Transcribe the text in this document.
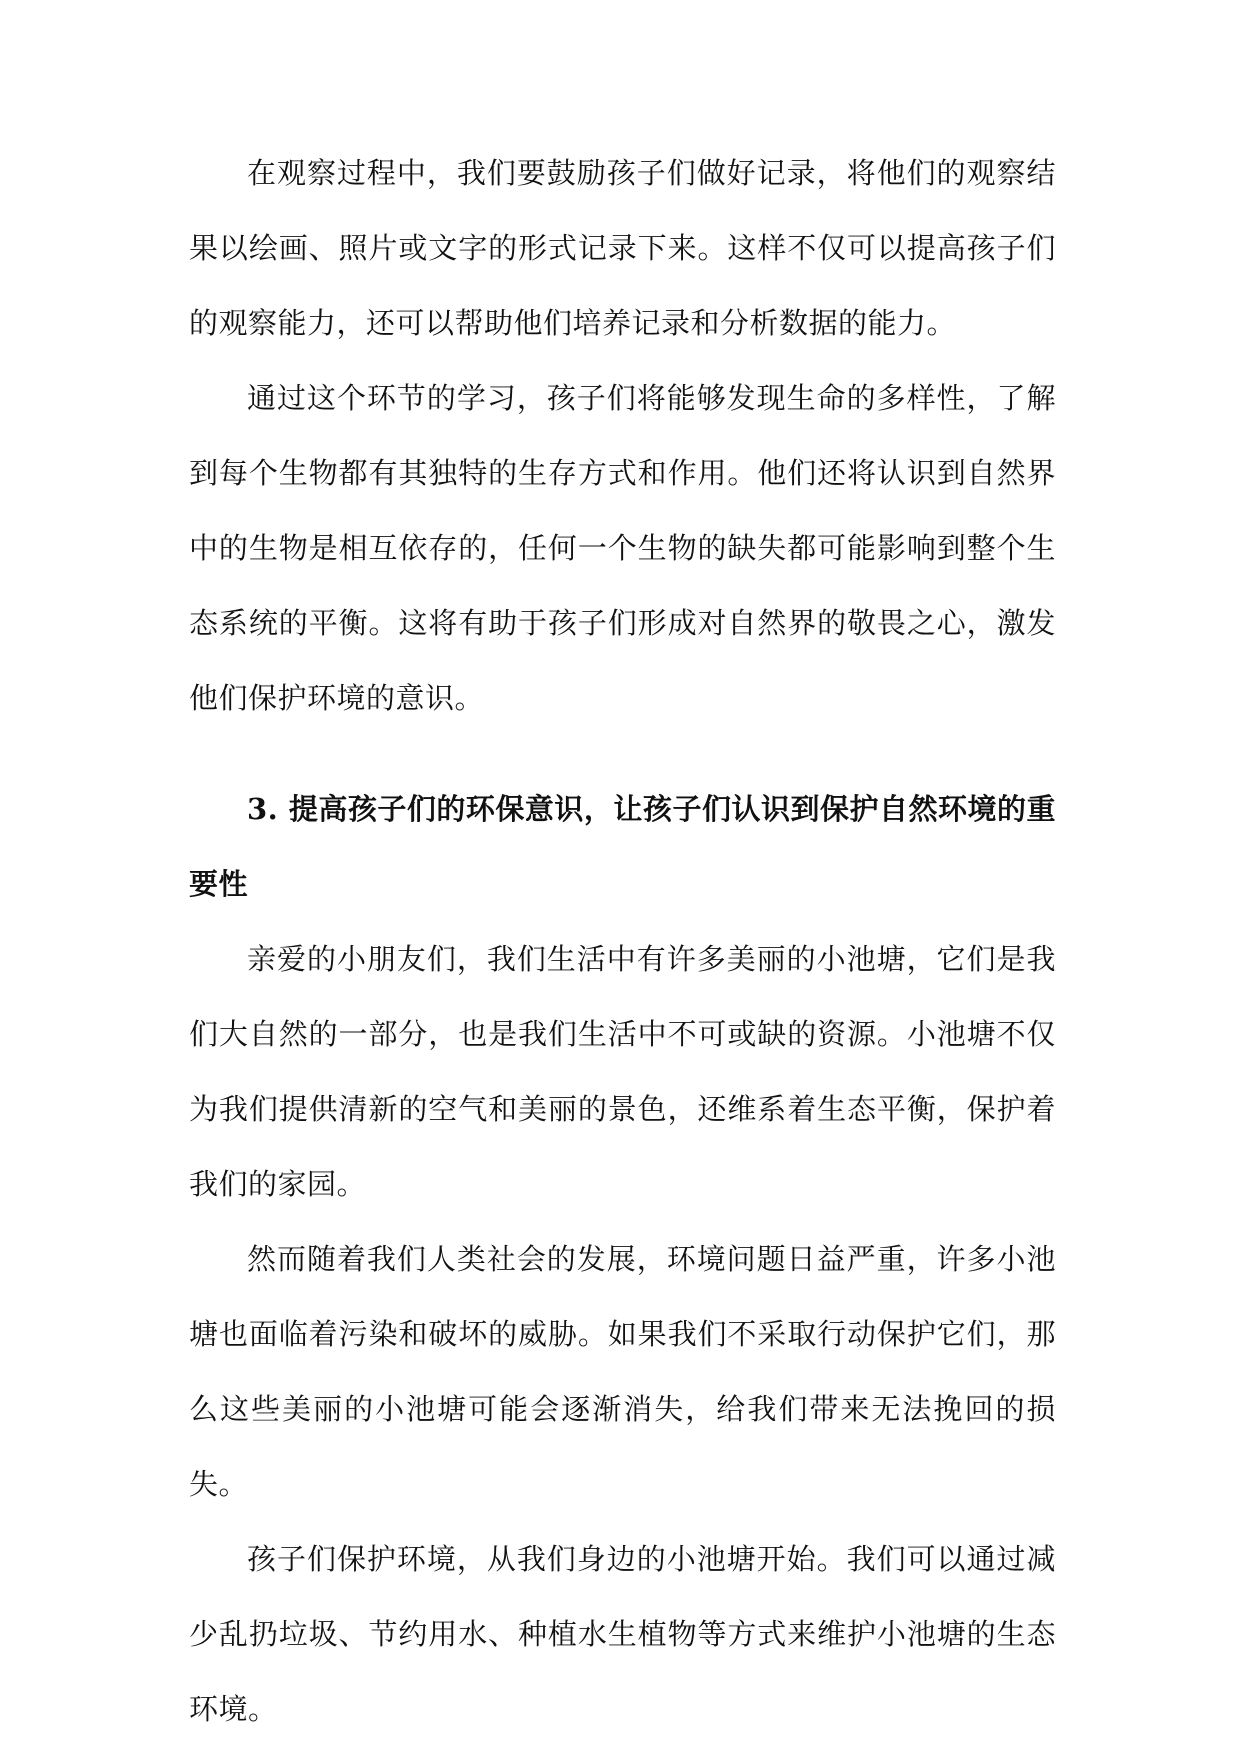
在观察过程中，我们要鼓励孩子们做好记录，将他们的观察结果以绘画、照片或文字的形式记录下来。这样不仅可以提高孩子们的观察能力，还可以帮助他们培养记录和分析数据的能力。

通过这个环节的学习，孩子们将能够发现生命的多样性，了解到每个生物都有其独特的生存方式和作用。他们还将认识到自然界中的生物是相互依存的，任何一个生物的缺失都可能影响到整个生态系统的平衡。这将有助于孩子们形成对自然界的敬畏之心，激发他们保护环境的意识。

3. 提高孩子们的环保意识，让孩子们认识到保护自然环境的重要性

亲爱的小朋友们，我们生活中有许多美丽的小池塘，它们是我们大自然的一部分，也是我们生活中不可或缺的资源。小池塘不仅为我们提供清新的空气和美丽的景色，还维系着生态平衡，保护着我们的家园。

然而随着我们人类社会的发展，环境问题日益严重，许多小池塘也面临着污染和破坏的威胁。如果我们不采取行动保护它们，那么这些美丽的小池塘可能会逐渐消失，给我们带来无法挽回的损失。

孩子们保护环境，从我们身边的小池塘开始。我们可以通过减少乱扔垃圾、节约用水、种植水生植物等方式来维护小池塘的生态环境。
